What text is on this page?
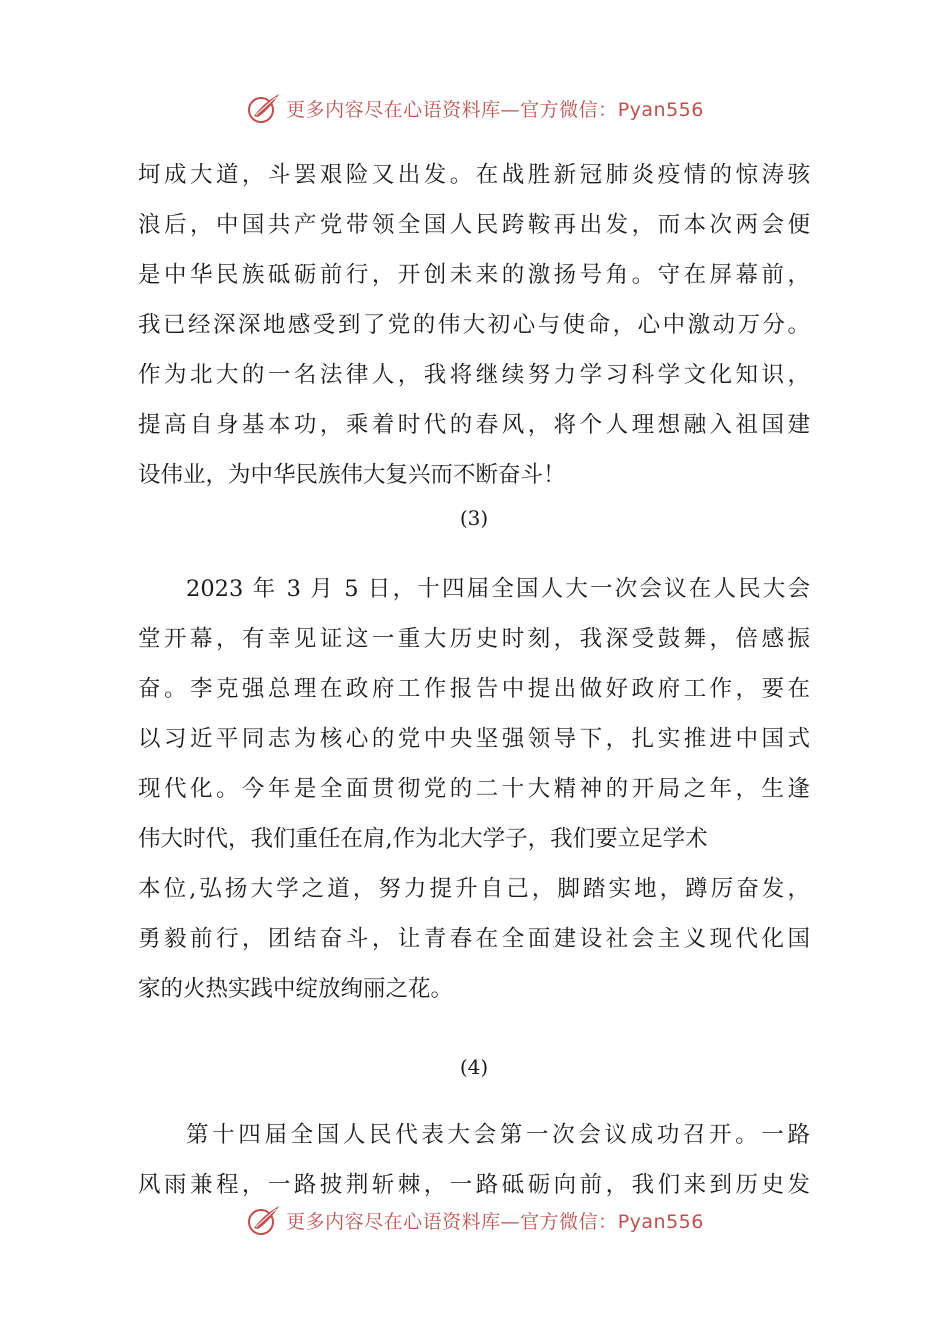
更多内容尽在心语资料库—官方微信：Pyan556
坷成大道，斗罢艰险又出发。在战胜新冠肺炎疫情的惊涛骇
浪后，中国共产党带领全国人民跨鞍再出发，而本次两会便
是中华民族砥砺前行，开创未来的激扬号角。守在屏幕前，
我已经深深地感受到了党的伟大初心与使命，心中激动万分。
作为北大的一名法律人，我将继续努力学习科学文化知识，
提高自身基本功，乘着时代的春风，将个人理想融入祖国建
设伟业，为中华民族伟大复兴而不断奋斗！
(3)
2023 年 3 月 5 日，十四届全国人大一次会议在人民大会
堂开幕，有幸见证这一重大历史时刻，我深受鼓舞，倍感振
奋。李克强总理在政府工作报告中提出做好政府工作，要在
以习近平同志为核心的党中央坚强领导下，扎实推进中国式
现代化。今年是全面贯彻党的二十大精神的开局之年，生逢
伟大时代，我们重任在肩,作为北大学子，我们要立足学术
本位,弘扬大学之道，努力提升自己，脚踏实地，蹲厉奋发，
勇毅前行，团结奋斗，让青春在全面建设社会主义现代化国
家的火热实践中绽放绚丽之花。
(4)
第十四届全国人民代表大会第一次会议成功召开。一路
风雨兼程，一路披荆斩棘，一路砥砺向前，我们来到历史发
更多内容尽在心语资料库—官方微信：Pyan556
